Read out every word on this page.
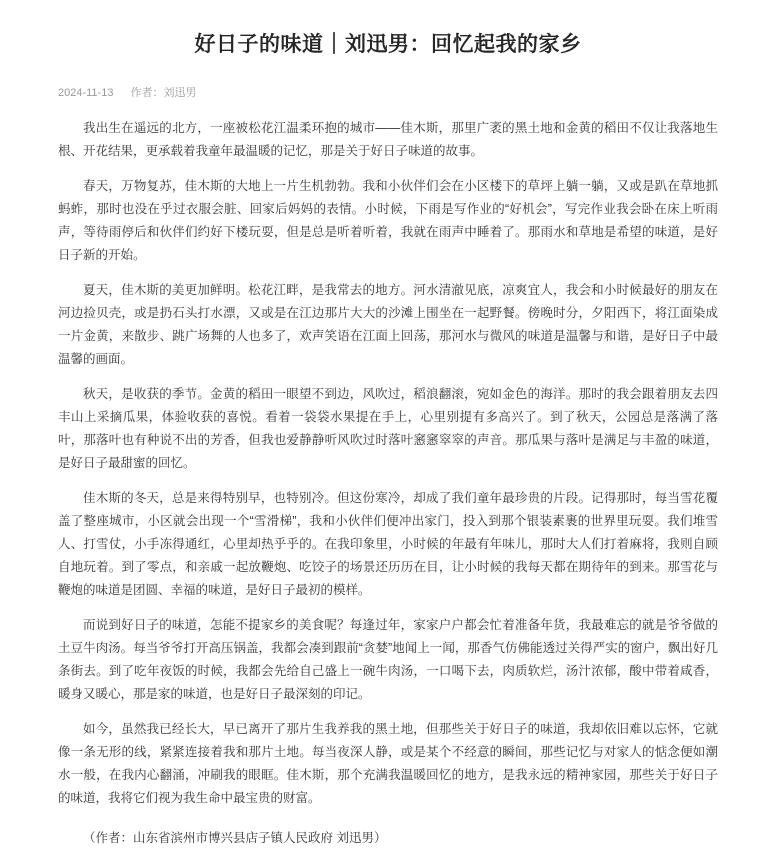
好日子的味道｜刘迅男：回忆起我的家乡
2024-11-13 作者：刘迅男

我出生在遥远的北方，一座被松花江温柔环抱的城市——佳木斯，那里广袤的黑土地和金黄的稻田不仅让我落地生根、开花结果，更承载着我童年最温暖的记忆，那是关于好日子味道的故事。

春天，万物复苏，佳木斯的大地上一片生机勃勃。我和小伙伴们会在小区楼下的草坪上躺一躺，又或是趴在草地抓蚂蚱，那时也没在乎过衣服会脏、回家后妈妈的表情。小时候，下雨是写作业的“好机会”，写完作业我会卧在床上听雨声，等待雨停后和伙伴们约好下楼玩耍，但是总是听着听着，我就在雨声中睡着了。那雨水和草地是希望的味道，是好日子新的开始。

夏天，佳木斯的美更加鲜明。松花江畔，是我常去的地方。河水清澈见底，凉爽宜人，我会和小时候最好的朋友在河边捡贝壳，或是扔石头打水漂，又或是在江边那片大大的沙滩上围坐在一起野餐。傍晚时分，夕阳西下，将江面染成一片金黄，来散步、跳广场舞的人也多了，欢声笑语在江面上回荡，那河水与微风的味道是温馨与和谐，是好日子中最温馨的画面。

秋天，是收获的季节。金黄的稻田一眼望不到边，风吹过，稻浪翻滚，宛如金色的海洋。那时的我会跟着朋友去四丰山上采摘瓜果，体验收获的喜悦。看着一袋袋水果提在手上，心里别提有多高兴了。到了秋天，公园总是落满了落叶，那落叶也有种说不出的芳香，但我也爱静静听风吹过时落叶窸窸窣窣的声音。那瓜果与落叶是满足与丰盈的味道，是好日子最甜蜜的回忆。

佳木斯的冬天，总是来得特别早，也特别冷。但这份寒冷，却成了我们童年最珍贵的片段。记得那时，每当雪花覆盖了整座城市，小区就会出现一个“雪滑梯”，我和小伙伴们便冲出家门，投入到那个银装素裹的世界里玩耍。我们堆雪人、打雪仗，小手冻得通红，心里却热乎乎的。在我印象里，小时候的年最有年味儿，那时大人们打着麻将，我则自顾自地玩着。到了零点，和亲戚一起放鞭炮、吃饺子的场景还历历在目，让小时候的我每天都在期待年的到来。那雪花与鞭炮的味道是团圆、幸福的味道，是好日子最初的模样。

而说到好日子的味道，怎能不提家乡的美食呢？每逢过年，家家户户都会忙着准备年货，我最难忘的就是爷爷做的土豆牛肉汤。每当爷爷打开高压锅盖，我都会凑到跟前“贪婪”地闻上一闻，那香气仿佛能透过关得严实的窗户，飘出好几条街去。到了吃年夜饭的时候，我都会先给自己盛上一碗牛肉汤，一口喝下去，肉质软烂，汤汁浓郁，酸中带着咸香，暖身又暖心，那是家的味道，也是好日子最深刻的印记。

如今，虽然我已经长大，早已离开了那片生我养我的黑土地，但那些关于好日子的味道，我却依旧难以忘怀，它就像一条无形的线，紧紧连接着我和那片土地。每当夜深人静，或是某个不经意的瞬间，那些记忆与对家人的惦念便如潮水一般，在我内心翻涌，冲刷我的眼眶。佳木斯，那个充满我温暖回忆的地方，是我永远的精神家园，那些关于好日子的味道，我将它们视为我生命中最宝贵的财富。

（作者：山东省滨州市博兴县店子镇人民政府 刘迅男）
